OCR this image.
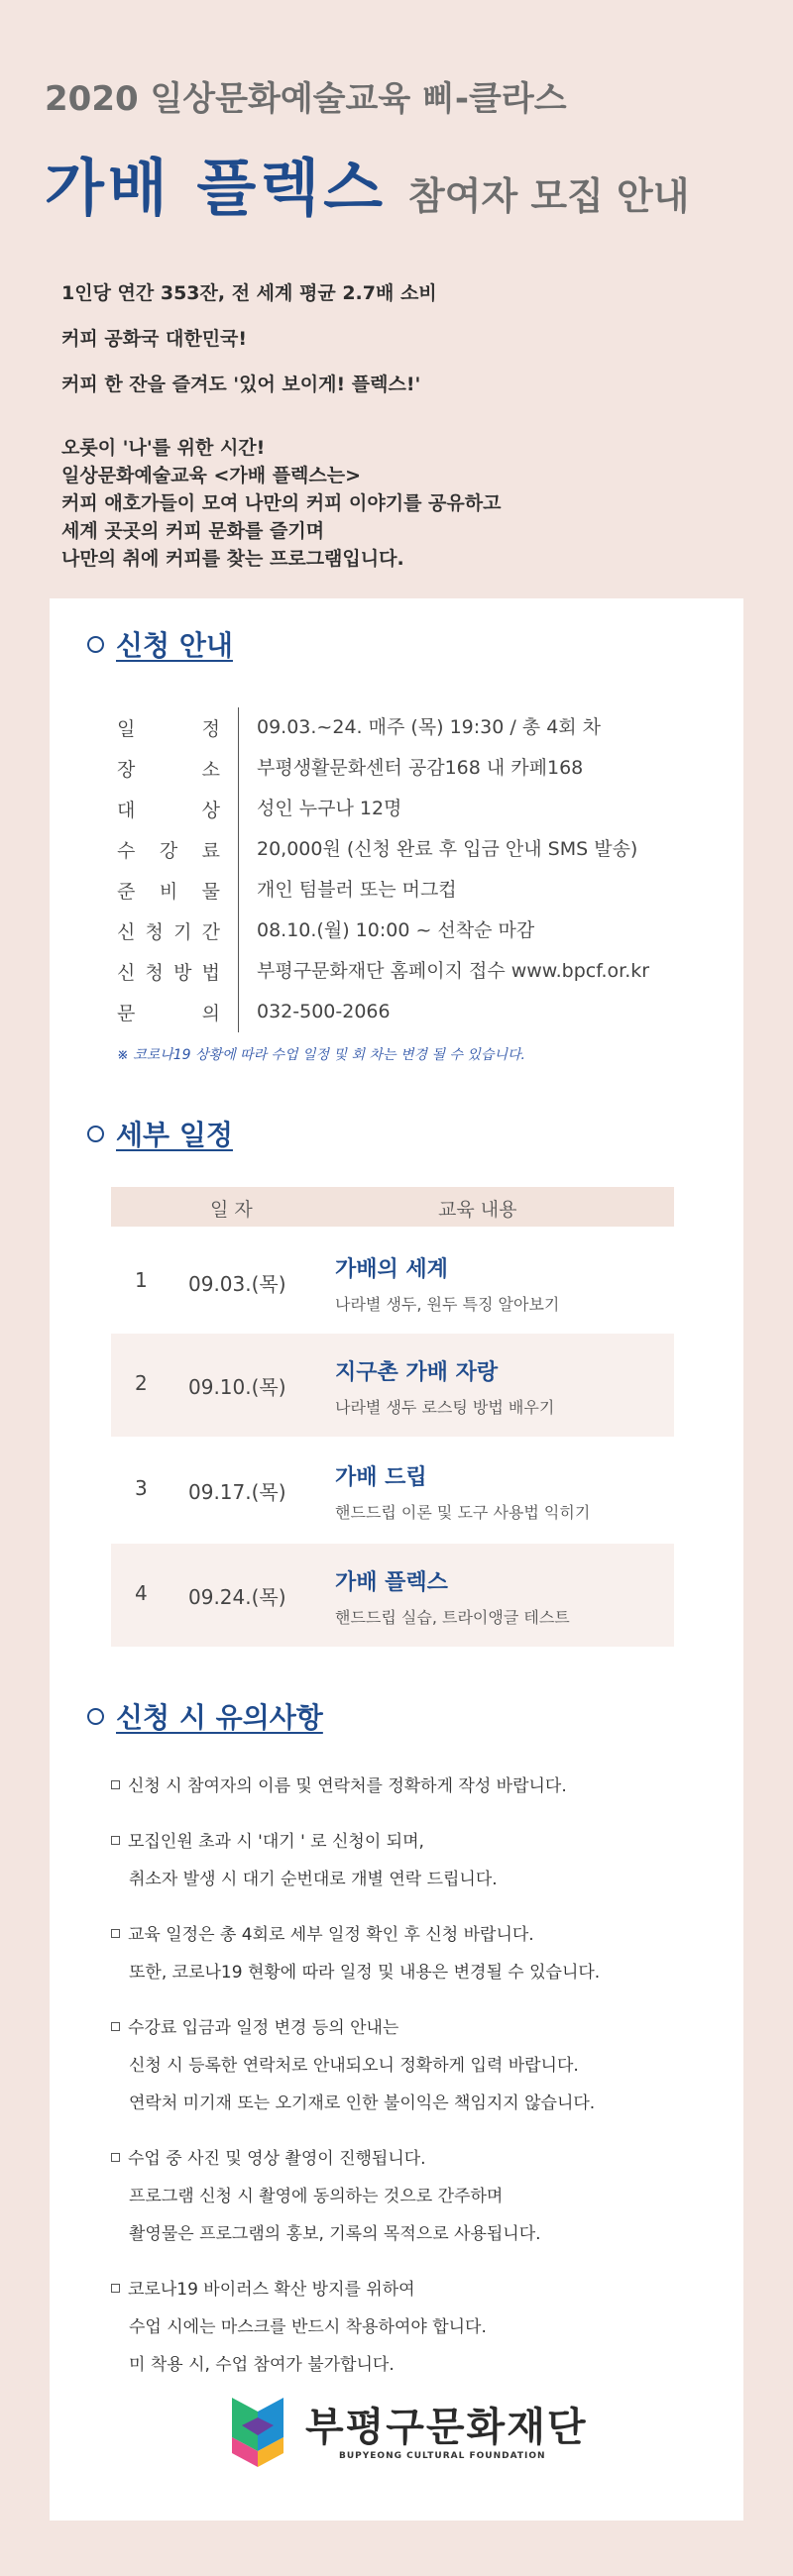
2020 일상문화예술교육 삐-클라스
가배 플렉스 참여자 모집 안내

1인당 연간 353잔, 전 세계 평균 2.7배 소비

커피 공화국 대한민국!

커피 한 잔을 즐겨도 '있어 보이게! 플렉스!'

오롯이 '나'를 위한 시간!

일상문화예술교육 <가배 플렉스는>

커피 애호가들이 모여 나만의 커피 이야기를 공유하고

세계 곳곳의 커피 문화를 즐기며

나만의 취에 커피를 찾는 프로그램입니다.

신청 안내
일	정	09.03.~24. 매주 (목) 19:30 / 총 4회 차
장	소	부평생활문화센터 공감168 내 카페168
대	상	성인 누구나 12명
수 강 료	20,000원 (신청 완료 후 입금 안내 SMS 발송)
준 비 물	개인 텀블러 또는 머그컵
신 청 기 간	08.10.(월) 10:00 ~ 선착순 마감
신 청 방 법	부평구문화재단 홈페이지 접수 www.bpcf.or.kr
문	의	032-500-2066
※ 코로나19 상황에 따라 수업 일정 및 회 차는 변경 될 수 있습니다.
세부 일정
일 자	교육 내용
1 09.03.(목)
가배의 세계
나라별 생두, 원두 특징 알아보기
2 09.10.(목)
지구촌 가배 자랑
나라별 생두 로스팅 방법 배우기
3 09.17.(목)
가배 드립
핸드드립 이론 및 도구 사용법 익히기
4 09.24.(목)
가배 플렉스
핸드드립 실습, 트라이앵글 테스트
신청 시 유의사항
신청 시 참여자의 이름 및 연락처를 정확하게 작성 바랍니다.
모집인원 초과 시 '대기 ' 로 신청이 되며,
취소자 발생 시 대기 순번대로 개별 연락 드립니다.
교육 일정은 총 4회로 세부 일정 확인 후 신청 바랍니다.
또한, 코로나19 현황에 따라 일정 및 내용은 변경될 수 있습니다.
수강료 입금과 일정 변경 등의 안내는
신청 시 등록한 연락처로 안내되오니 정확하게 입력 바랍니다.
연락처 미기재 또는 오기재로 인한 불이익은 책임지지 않습니다.
수업 중 사진 및 영상 촬영이 진행됩니다.
프로그램 신청 시 촬영에 동의하는 것으로 간주하며
촬영물은 프로그램의 홍보, 기록의 목적으로 사용됩니다.
코로나19 바이러스 확산 방지를 위하여
수업 시에는 마스크를 반드시 착용하여야 합니다.
미 착용 시, 수업 참여가 불가합니다.
부평구문화재단
BUPYEONG CULTURAL FOUNDATION
